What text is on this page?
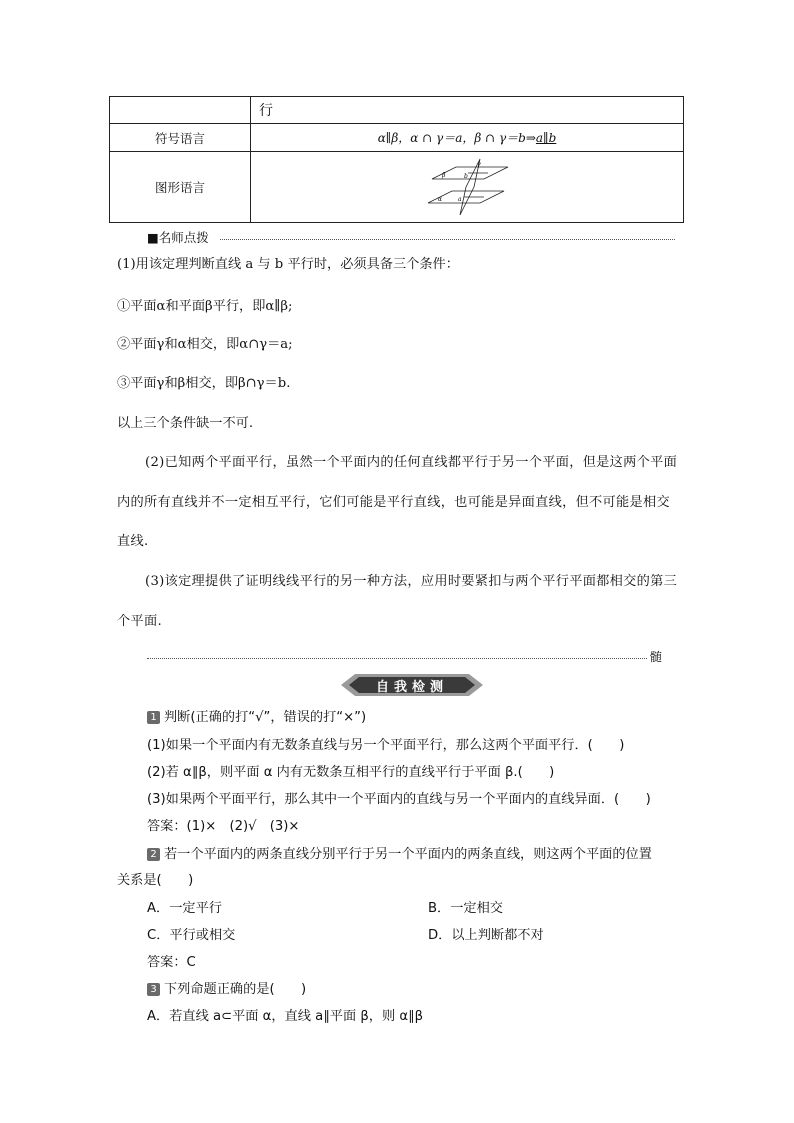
	行
符号语言	α∥β，α ∩ γ＝a，β ∩ γ＝b⇒a∥b
图形语言	γ
β b
α a
■名师点拨
(1)用该定理判断直线 a 与 b 平行时，必须具备三个条件：
①平面α和平面β平行，即α∥β;
②平面γ和α相交，即α∩γ＝a;
③平面γ和β相交，即β∩γ＝b.
以上三个条件缺一不可.
(2)已知两个平面平行，虽然一个平面内的任何直线都平行于另一个平面，但是这两个平面内的所有直线并不一定相互平行，它们可能是平行直线，也可能是异面直线，但不可能是相交直线.
(3)该定理提供了证明线线平行的另一种方法，应用时要紧扣与两个平行平面都相交的第三个平面.
髄
自我检测
1 判断(正确的打“√”，错误的打“×”)
(1)如果一个平面内有无数条直线与另一个平面平行，那么这两个平面平行．(　　)
(2)若 α∥β，则平面 α 内有无数条互相平行的直线平行于平面 β.(　　)
(3)如果两个平面平行，那么其中一个平面内的直线与另一个平面内的直线异面．(　　)
答案：(1)×　(2)√　(3)×
2 若一个平面内的两条直线分别平行于另一个平面内的两条直线，则这两个平面的位置
关系是(　　)
A．一定平行	B．一定相交
C．平行或相交	D．以上判断都不对
答案：C
3 下列命题正确的是(　　)
A．若直线 a⊂平面 α，直线 a∥平面 β，则 α∥β
